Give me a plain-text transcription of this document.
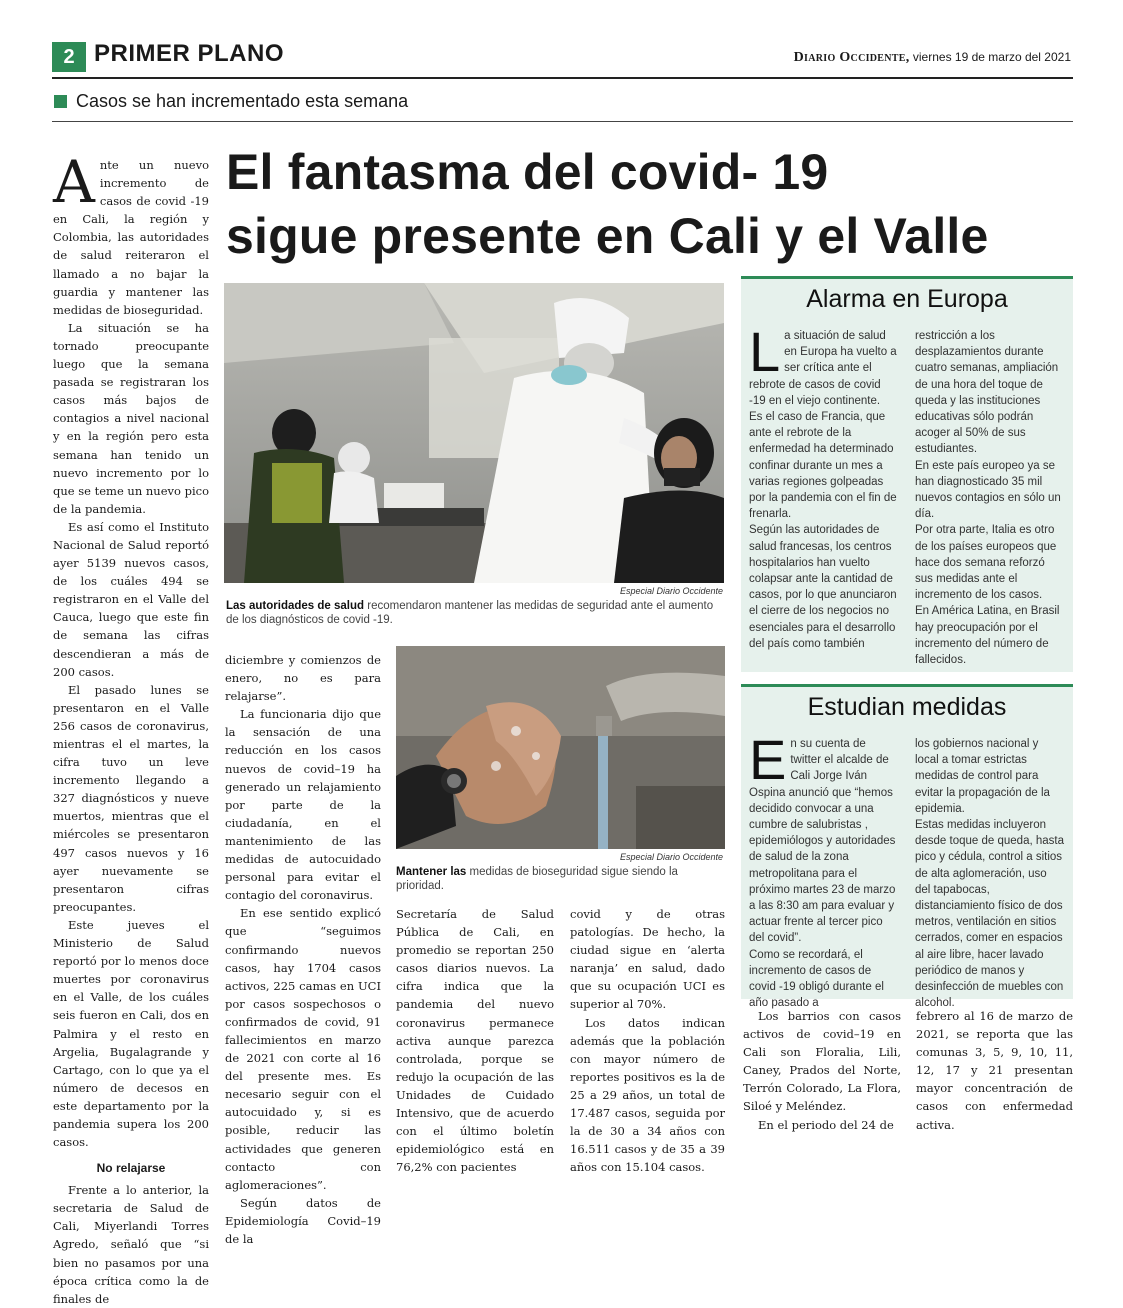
2 PRIMER PLANO	Diario Occidente, viernes 19 de marzo del 2021
Casos se han incrementado esta semana
El fantasma del covid- 19
sigue presente en Cali y el Valle

Ante un nuevo incremento de casos de covid -19 en Cali, la región y Colombia, las autoridades de salud reiteraron el llamado a no bajar la guardia y mantener las medidas de bioseguridad.

La situación se ha tornado preocupante luego que la semana pasada se registraran los casos más bajos de contagios a nivel nacional y en la región pero esta semana han tenido un nuevo incremento por lo que se teme un nuevo pico de la pandemia.

Es así como el Instituto Nacional de Salud reportó ayer 5139 nuevos casos, de los cuáles 494 se registraron en el Valle del Cauca, luego que este fin de semana las cifras descendieran a más de 200 casos.

El pasado lunes se presentaron en el Valle 256 casos de coronavirus, mientras el el martes, la cifra tuvo un leve incremento llegando a 327 diagnósticos y nueve muertos, mientras que el miércoles se presentaron 497 casos nuevos y 16 ayer nuevamente se presentaron cifras preocupantes.

Este jueves el Ministerio de Salud reportó por lo menos doce muertes por coronavirus en el Valle, de los cuáles seis fueron en Cali, dos en Palmira y el resto en Argelia, Bugalagrande y Cartago, con lo que ya el número de decesos en este departamento por la pandemia supera los 200 casos.

No relajarse

Frente a lo anterior, la secretaria de Salud de Cali, Miyerlandi Torres Agredo, señaló que “si bien no pasamos por una época crítica como la de finales de

Especial Diario Occidente
Las autoridades de salud recomendaron mantener las medidas de seguridad ante el aumento de los diagnósticos de covid -19.

diciembre y comienzos de enero, no es para relajarse”.

La funcionaria dijo que la sensación de una reducción en los casos nuevos de covid–19 ha generado un relajamiento por parte de la ciudadanía, en el mantenimiento de las medidas de autocuidado personal para evitar el contagio del coronavirus.

En ese sentido explicó que “seguimos confirmando nuevos casos, hay 1704 casos activos, 225 camas en UCI por casos sospechosos o confirmados de covid, 91 fallecimientos en marzo de 2021 con corte al 16 del presente mes. Es necesario seguir con el autocuidado y, si es posible, reducir las actividades que generen contacto con aglomeraciones”.

Según datos de Epidemiología Covid–19 de la

Especial Diario Occidente
Mantener las medidas de bioseguridad sigue siendo la prioridad.

Secretaría de Salud Pública de Cali, en promedio se reportan 250 casos diarios nuevos. La cifra indica que la pandemia del nuevo coronavirus permanece activa aunque parezca controlada, porque se redujo la ocupación de las Unidades de Cuidado Intensivo, que de acuerdo con el último boletín epidemiológico está en 76,2% con pacientes

covid y de otras patologías. De hecho, la ciudad sigue en ‘alerta naranja’ en salud, dado que su ocupación UCI es superior al 70%.

Los datos indican además que la población con mayor número de reportes positivos es la de 25 a 29 años, un total de 17.487 casos, seguida por la de 30 a 34 años con 16.511 casos y de 35 a 39 años con 15.104 casos.

Alarma en Europa

La situación de salud en Europa ha vuelto a ser crítica ante el rebrote de casos de covid -19 en el viejo continente.

Es el caso de Francia, que ante el rebrote de la enfermedad ha determinado confinar durante un mes a varias regiones golpeadas por la pandemia con el fin de frenarla.

Según las autoridades de salud francesas, los centros hospitalarios han vuelto colapsar ante la cantidad de casos, por lo que anunciaron el cierre de los negocios no esenciales para el desarrollo del país como también

restricción a los desplazamientos durante cuatro semanas, ampliación de una hora del toque de queda y las instituciones educativas sólo podrán acoger al 50% de sus estudiantes.

En este país europeo ya se han diagnosticado 35 mil nuevos contagios en sólo un día.

Por otra parte, Italia es otro de los países europeos que hace dos semana reforzó sus medidas ante el incremento de los casos.

En América Latina, en Brasil hay preocupación por el incremento del número de fallecidos.

Estudian medidas

En su cuenta de twitter el alcalde de Cali Jorge Iván Ospina anunció que “hemos decidido convocar a una cumbre de salubristas , epidemiólogos y autoridades de salud de la zona metropolitana para el próximo martes 23 de marzo a las 8:30 am para evaluar y actuar frente al tercer pico del covid”.

Como se recordará, el incremento de casos de covid -19 obligó durante el año pasado a

los gobiernos nacional y local a tomar estrictas medidas de control para evitar la propagación de la epidemia.

Estas medidas incluyeron desde toque de queda, hasta pico y cédula, control a sitios de alta aglomeración, uso del tapabocas, distanciamiento físico de dos metros, ventilación en sitios cerrados, comer en espacios al aire libre, hacer lavado periódico de manos y desinfección de muebles con alcohol.

Los barrios con casos activos de covid–19 en Cali son Floralia, Lili, Caney, Prados del Norte, Terrón Colorado, La Flora, Siloé y Meléndez.

En el periodo del 24 de

febrero al 16 de marzo de 2021, se reporta que las comunas 3, 5, 9, 10, 11, 12, 17 y 21 presentan mayor concentración de casos con enfermedad activa.
